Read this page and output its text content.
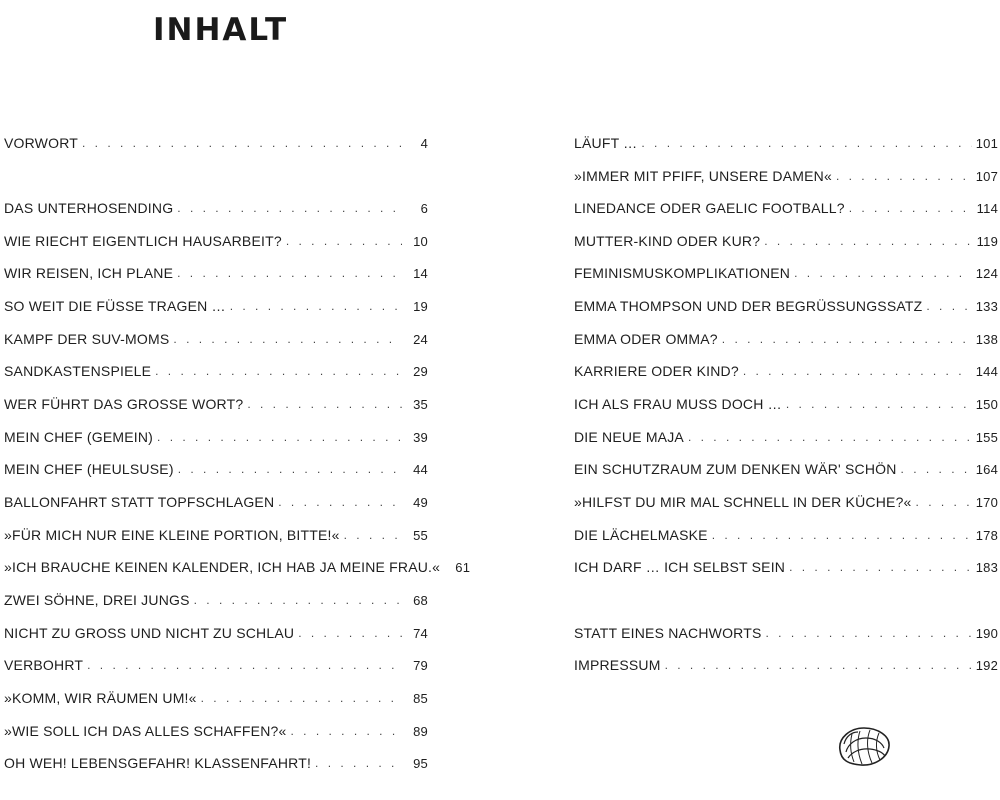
INHALT
VORWORT . . .	4
DAS UNTERHOSENDING . . .	6
WIE RIECHT EIGENTLICH HAUSARBEIT? . . .	10
WIR REISEN, ICH PLANE . . .	14
SO WEIT DIE FÜSSE TRAGEN … . . .	19
KAMPF DER SUV-MOMS . . .	24
SANDKASTENSPIELE . . .	29
WER FÜHRT DAS GROSSE WORT? . . .	35
MEIN CHEF (GEMEIN) . . .	39
MEIN CHEF (HEULSUSE) . . .	44
BALLONFAHRT STATT TOPFSCHLAGEN . . .	49
»FÜR MICH NUR EINE KLEINE PORTION, BITTE!« . . .	55
»ICH BRAUCHE KEINEN KALENDER, ICH HAB JA MEINE FRAU.«	61
ZWEI SÖHNE, DREI JUNGS . . .	68
NICHT ZU GROSS UND NICHT ZU SCHLAU . . .	74
VERBOHRT . . .	79
»KOMM, WIR RÄUMEN UM!« . . .	85
»WIE SOLL ICH DAS ALLES SCHAFFEN?« . . .	89
OH WEH! LEBENSGEFAHR! KLASSENFAHRT! . . .	95
LÄUFT … . . .	101
»IMMER MIT PFIFF, UNSERE DAMEN« . . .	107
LINEDANCE ODER GAELIC FOOTBALL? . . .	114
MUTTER-KIND ODER KUR? . . .	119
FEMINISMUSKOMPLIKATIONEN . . .	124
EMMA THOMPSON UND DER BEGRÜSSUNGSSATZ . . .	133
EMMA ODER OMMA? . . .	138
KARRIERE ODER KIND? . . .	144
ICH ALS FRAU MUSS DOCH … . . .	150
DIE NEUE MAJA . . .	155
EIN SCHUTZRAUM ZUM DENKEN WÄR' SCHÖN . . .	164
»HILFST DU MIR MAL SCHNELL IN DER KÜCHE?« . . .	170
DIE LÄCHELMASKE . . .	178
ICH DARF … ICH SELBST SEIN . . .	183
STATT EINES NACHWORTS . . .	190
IMPRESSUM . . .	192
